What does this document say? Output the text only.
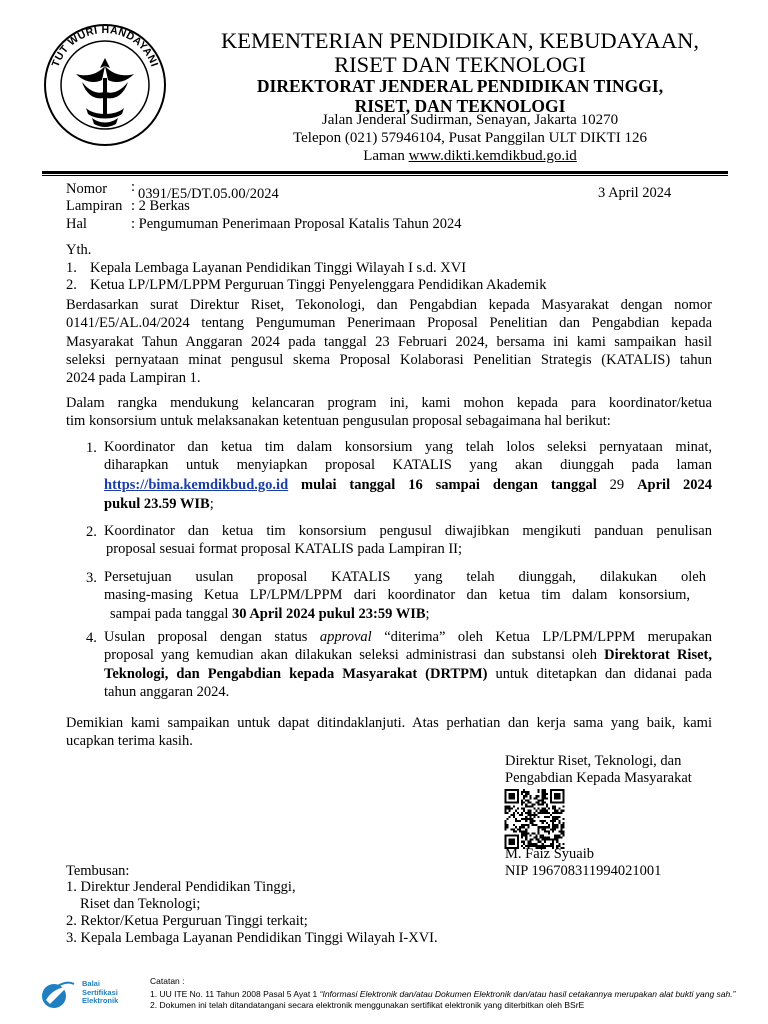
TUT WURI HANDAYANI
KEMENTERIAN PENDIDIKAN, KEBUDAYAAN,
RISET DAN TEKNOLOGI
DIREKTORAT JENDERAL PENDIDIKAN TINGGI,
RISET, DAN TEKNOLOGI
Jalan Jenderal Sudirman, Senayan, Jakarta 10270
Telepon (021) 57946104, Pusat Panggilan ULT DIKTI 126
Laman www.dikti.kemdikbud.go.id
Nomor : 0391/E5/DT.05.00/2024	3 April 2024
Lampiran : 2 Berkas
Hal	: Pengumuman Penerimaan Proposal Katalis Tahun 2024
Yth.
1. Kepala Lembaga Layanan Pendidikan Tinggi Wilayah I s.d. XVI
2. Ketua LP/LPM/LPPM Perguruan Tinggi Penyelenggara Pendidikan Akademik
Berdasarkan surat Direktur Riset, Tekonologi, dan Pengabdian kepada Masyarakat dengan nomor
0141/E5/AL.04/2024 tentang Pengumuman Penerimaan Proposal Penelitian dan Pengabdian kepada
Masyarakat Tahun Anggaran 2024 pada tanggal 23 Februari 2024, bersama ini kami sampaikan hasil
seleksi pernyataan minat pengusul skema Proposal Kolaborasi Penelitian Strategis (KATALIS) tahun
2024 pada Lampiran 1.
Dalam rangka mendukung kelancaran program ini, kami mohon kepada para koordinator/ketua
tim konsorsium untuk melaksanakan ketentuan pengusulan proposal sebagaimana hal berikut:
1. Koordinator dan ketua tim dalam konsorsium yang telah lolos seleksi pernyataan minat,
diharapkan untuk menyiapkan proposal KATALIS yang akan diunggah pada laman
https://bima.kemdikbud.go.id mulai tanggal 16 sampai dengan tanggal 29 April 2024
pukul 23.59 WIB;
2. Koordinator dan ketua tim konsorsium pengusul diwajibkan mengikuti panduan penulisan
proposal sesuai format proposal KATALIS pada Lampiran II;
3. Persetujuan usulan proposal KATALIS yang telah diunggah, dilakukan oleh
masing-masing Ketua LP/LPM/LPPM dari koordinator dan ketua tim dalam konsorsium,
sampai pada tanggal 30 April 2024 pukul 23:59 WIB;
4. Usulan proposal dengan status approval “diterima” oleh Ketua LP/LPM/LPPM merupakan
proposal yang kemudian akan dilakukan seleksi administrasi dan substansi oleh Direktorat Riset,
Teknologi, dan Pengabdian kepada Masyarakat (DRTPM) untuk ditetapkan dan didanai pada
tahun anggaran 2024.
Demikian kami sampaikan untuk dapat ditindaklanjuti. Atas perhatian dan kerja sama yang baik, kami
ucapkan terima kasih.
Direktur Riset, Teknologi, dan
Pengabdian Kepada Masyarakat
M. Faiz Syuaib
NIP 196708311994021001
Tembusan:
1. Direktur Jenderal Pendidikan Tinggi,
Riset dan Teknologi;
2. Rektor/Ketua Perguruan Tinggi terkait;
3. Kepala Lembaga Layanan Pendidikan Tinggi Wilayah I-XVI.
Balai
Sertifikasi
Elektronik
Catatan :
1. UU ITE No. 11 Tahun 2008 Pasal 5 Ayat 1 “Informasi Elektronik dan/atau Dokumen Elektronik dan/atau hasil cetakannya merupakan alat bukti yang sah.”
2. Dokumen ini telah ditandatangani secara elektronik menggunakan sertifikat elektronik yang diterbitkan oleh BSrE
